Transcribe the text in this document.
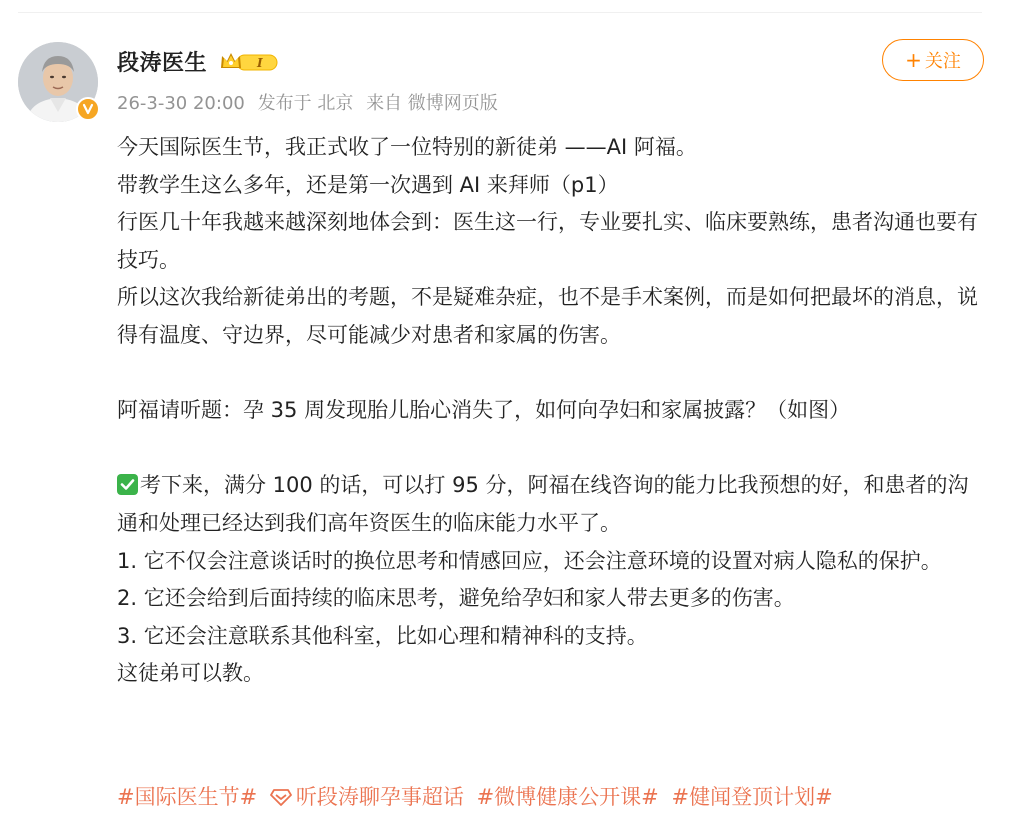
段涛医生	I
26-3-30 20:00 发布于 北京 来自 微博网页版
+ 关注

今天国际医生节，我正式收了一位特别的新徒弟 ——AI 阿福。

带教学生这么多年，还是第一次遇到 AI 来拜师（p1）

行医几十年我越来越深刻地体会到：医生这一行，专业要扎实、临床要熟练，患者沟通也要有技巧。

所以这次我给新徒弟出的考题，不是疑难杂症，也不是手术案例，而是如何把最坏的消息，说得有温度、守边界，尽可能减少对患者和家属的伤害。

阿福请听题：孕 35 周发现胎儿胎心消失了，如何向孕妇和家属披露？（如图）

考下来，满分 100 的话，可以打 95 分，阿福在线咨询的能力比我预想的好，和患者的沟通和处理已经达到我们高年资医生的临床能力水平了。

1. 它不仅会注意谈话时的换位思考和情感回应，还会注意环境的设置对病人隐私的保护。

2. 它还会给到后面持续的临床思考，避免给孕妇和家人带去更多的伤害。

3. 它还会注意联系其他科室，比如心理和精神科的支持。

这徒弟可以教。

#国际医生节# 听段涛聊孕事超话 #微博健康公开课# #健闻登顶计划#
